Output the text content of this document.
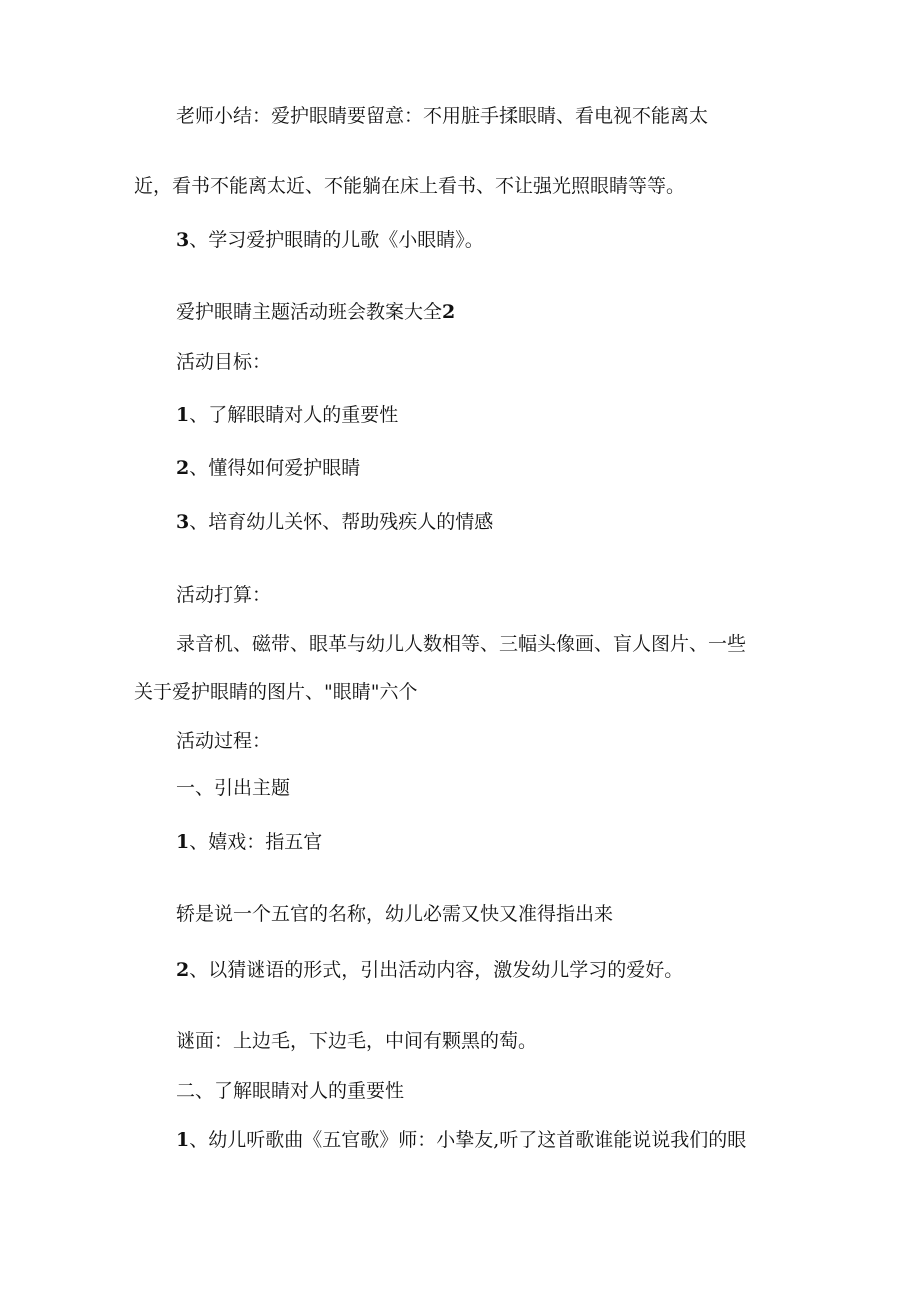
老师小结：爱护眼睛要留意：不用脏手揉眼睛、看电视不能离太

近，看书不能离太近、不能躺在床上看书、不让强光照眼睛等等。

3、学习爱护眼睛的儿歌《小眼睛》。

爱护眼睛主题活动班会教案大全2

活动目标：

1、了解眼睛对人的重要性

2、懂得如何爱护眼睛

3、培育幼儿关怀、帮助残疾人的情感

活动打算：

录音机、磁带、眼革与幼儿人数相等、三幅头像画、盲人图片、一些

关于爱护眼睛的图片、"眼睛"六个

活动过程：

一、引出主题

1、嬉戏：指五官

轿是说一个五官的名称，幼儿必需又快又准得指出来

2、以猜谜语的形式，引出活动内容，激发幼儿学习的爱好。

谜面：上边毛，下边毛，中间有颗黑的萄。

二、了解眼睛对人的重要性

1、幼儿听歌曲《五官歌》师：小挚友,听了这首歌谁能说说我们的眼
